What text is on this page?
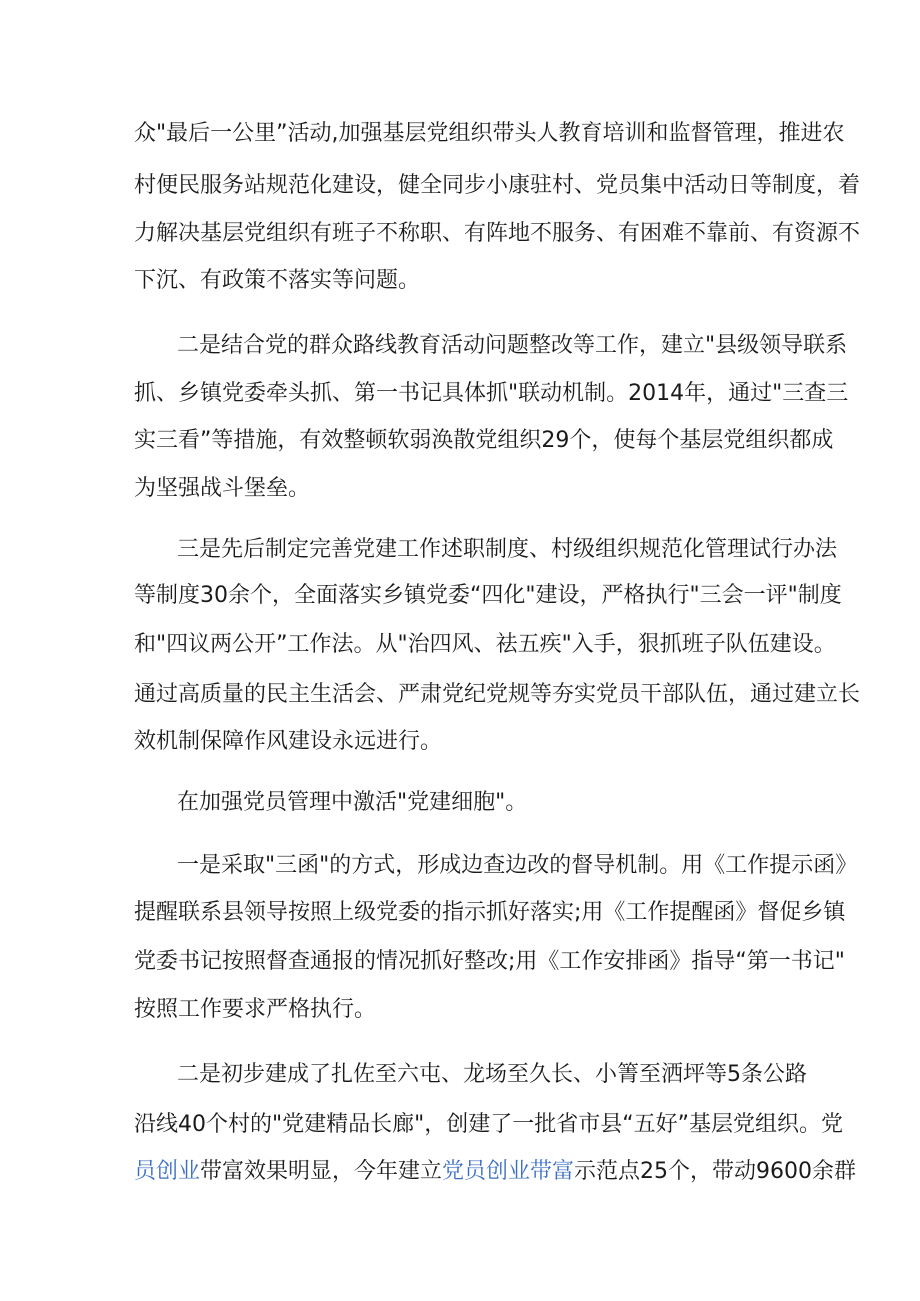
众"最后一公里”活动,加强基层党组织带头人教育培训和监督管理，推进农
村便民服务站规范化建设，健全同步小康驻村、党员集中活动日等制度，着
力解决基层党组织有班子不称职、有阵地不服务、有困难不靠前、有资源不
下沉、有政策不落实等问题。
二是结合党的群众路线教育活动问题整改等工作，建立"县级领导联系
抓、乡镇党委牵头抓、第一书记具体抓"联动机制。2014年，通过"三查三
实三看”等措施，有效整顿软弱涣散党组织29个，使每个基层党组织都成
为坚强战斗堡垒。
三是先后制定完善党建工作述职制度、村级组织规范化管理试行办法
等制度30余个，全面落实乡镇党委“四化"建设，严格执行"三会一评"制度
和"四议两公开”工作法。从"治四风、祛五疾"入手，狠抓班子队伍建设。
通过高质量的民主生活会、严肃党纪党规等夯实党员干部队伍，通过建立长
效机制保障作风建设永远进行。
在加强党员管理中激活"党建细胞"。
一是采取"三函"的方式，形成边查边改的督导机制。用《工作提示函》
提醒联系县领导按照上级党委的指示抓好落实;用《工作提醒函》督促乡镇
党委书记按照督查通报的情况抓好整改;用《工作安排函》指导“第一书记"
按照工作要求严格执行。
二是初步建成了扎佐至六屯、龙场至久长、小箐至洒坪等5条公路
沿线40个村的"党建精品长廊"，创建了一批省市县“五好”基层党组织。党
员创业带富效果明显，今年建立党员创业带富示范点25个，带动9600余群
